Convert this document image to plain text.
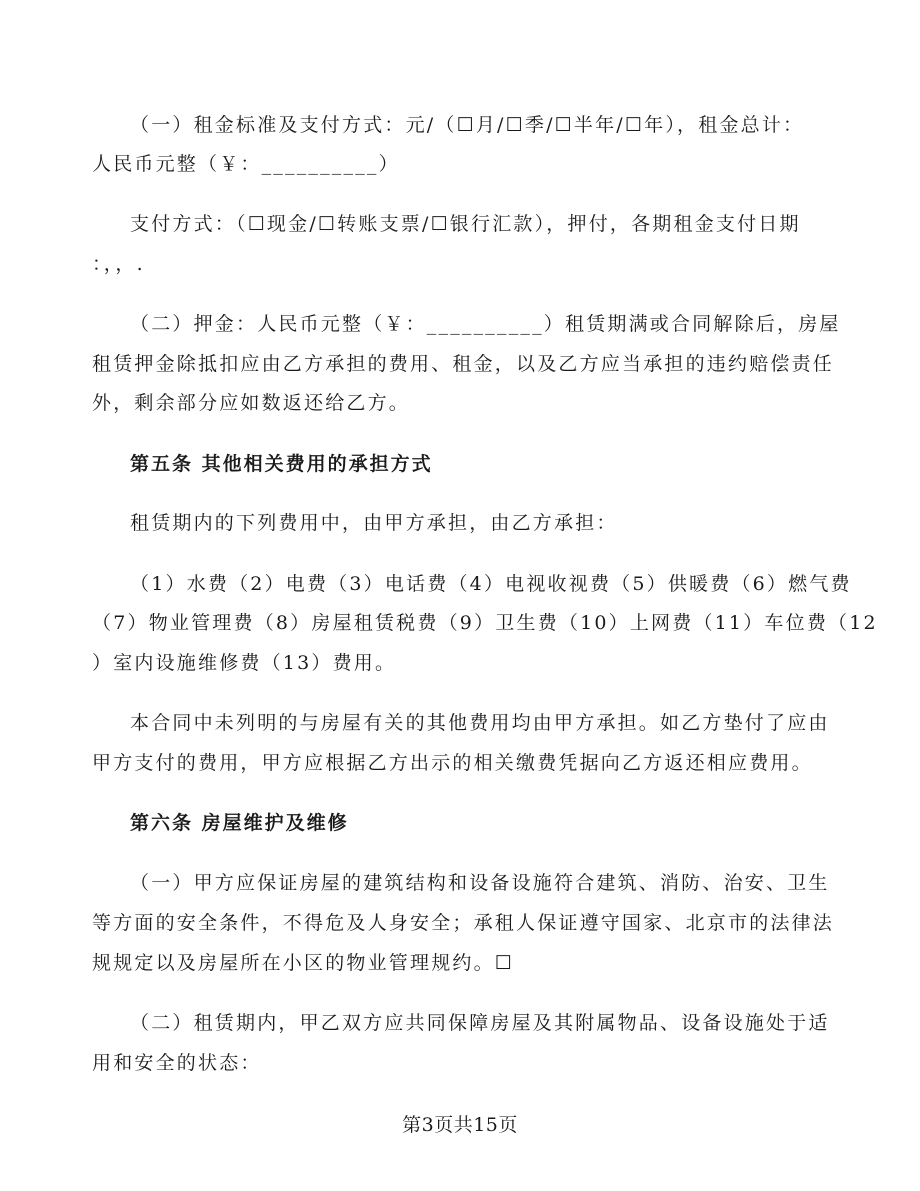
（一）租金标准及支付方式：元/（☐月/☐季/☐半年/☐年），租金总计：
人民币元整（￥：__________）
支付方式：（☐现金/☐转账支票/☐银行汇款），押付，各期租金支付日期
：，，.
（二）押金：人民币元整（￥：__________）租赁期满或合同解除后，房屋
租赁押金除抵扣应由乙方承担的费用、租金，以及乙方应当承担的违约赔偿责任
外，剩余部分应如数返还给乙方。
第五条 其他相关费用的承担方式
租赁期内的下列费用中，由甲方承担，由乙方承担：
（1）水费（2）电费（3）电话费（4）电视收视费（5）供暖费（6）燃气费
（7）物业管理费（8）房屋租赁税费（9）卫生费（10）上网费（11）车位费（12
）室内设施维修费（13）费用。
本合同中未列明的与房屋有关的其他费用均由甲方承担。如乙方垫付了应由
甲方支付的费用，甲方应根据乙方出示的相关缴费凭据向乙方返还相应费用。
第六条 房屋维护及维修
（一）甲方应保证房屋的建筑结构和设备设施符合建筑、消防、治安、卫生
等方面的安全条件，不得危及人身安全；承租人保证遵守国家、北京市的法律法
规规定以及房屋所在小区的物业管理规约。☐
（二）租赁期内，甲乙双方应共同保障房屋及其附属物品、设备设施处于适
用和安全的状态：
第3页共15页
